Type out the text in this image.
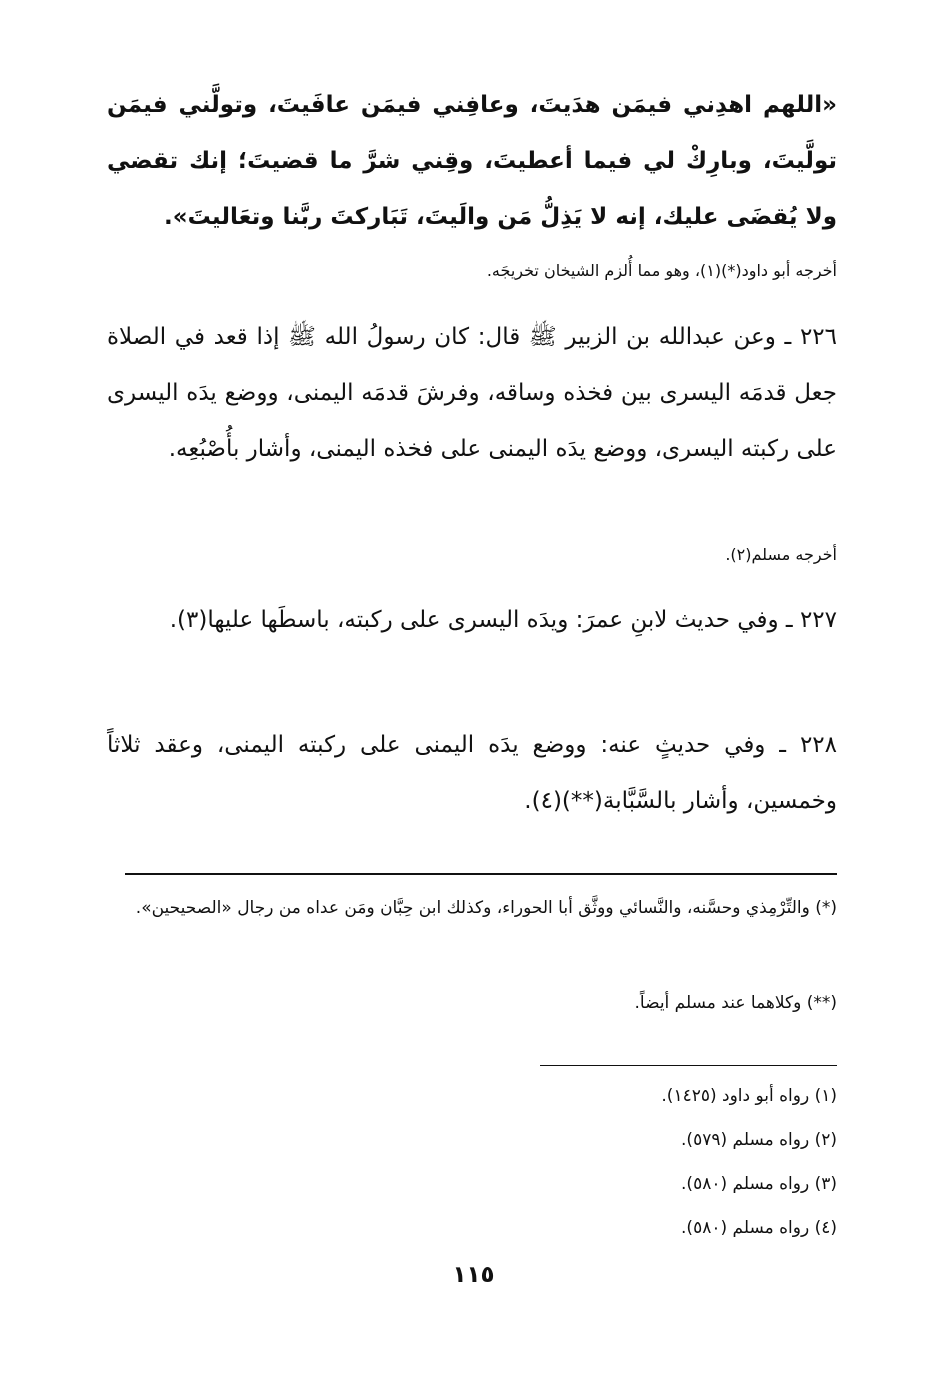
«اللهم اهدِني فيمَن هدَيتَ، وعافِني فيمَن عافَيتَ، وتولَّني فيمَن تولَّيتَ، وبارِكْ لي فيما أعطيتَ، وقِني شرَّ ما قضيتَ؛ إنك تقضي ولا يُقضَى عليك، إنه لا يَذِلُّ مَن والَيتَ، تَبَاركتَ ربَّنا وتعَاليتَ».
أخرجه أبو داود(*)(١)، وهو مما أُلزم الشيخان تخريجَه.
٢٢٦ ـ وعن عبدالله بن الزبير ﷺ قال: كان رسولُ الله ﷺ إذا قعد في الصلاة جعل قدمَه اليسرى بين فخذه وساقه، وفرشَ قدمَه اليمنى، ووضع يدَه اليسرى على ركبته اليسرى، ووضع يدَه اليمنى على فخذه اليمنى، وأشار بأُصْبُعِه.
أخرجه مسلم(٢).
٢٢٧ ـ وفي حديث لابنِ عمرَ: ويدَه اليسرى على ركبته، باسطَها عليها(٣).
٢٢٨ ـ وفي حديثٍ عنه: ووضع يدَه اليمنى على ركبته اليمنى، وعقد ثلاثاً وخمسين، وأشار بالسَّبَّابة(**)(٤).
(*) والتِّرْمِذي وحسَّنه، والنَّسائي ووثَّق أبا الحوراء، وكذلك ابن حِبَّان ومَن عداه من رجال «الصحيحين».
(**) وكلاهما عند مسلم أيضاً.
(١) رواه أبو داود (١٤٢٥).
(٢) رواه مسلم (٥٧٩).
(٣) رواه مسلم (٥٨٠).
(٤) رواه مسلم (٥٨٠).
١١٥
